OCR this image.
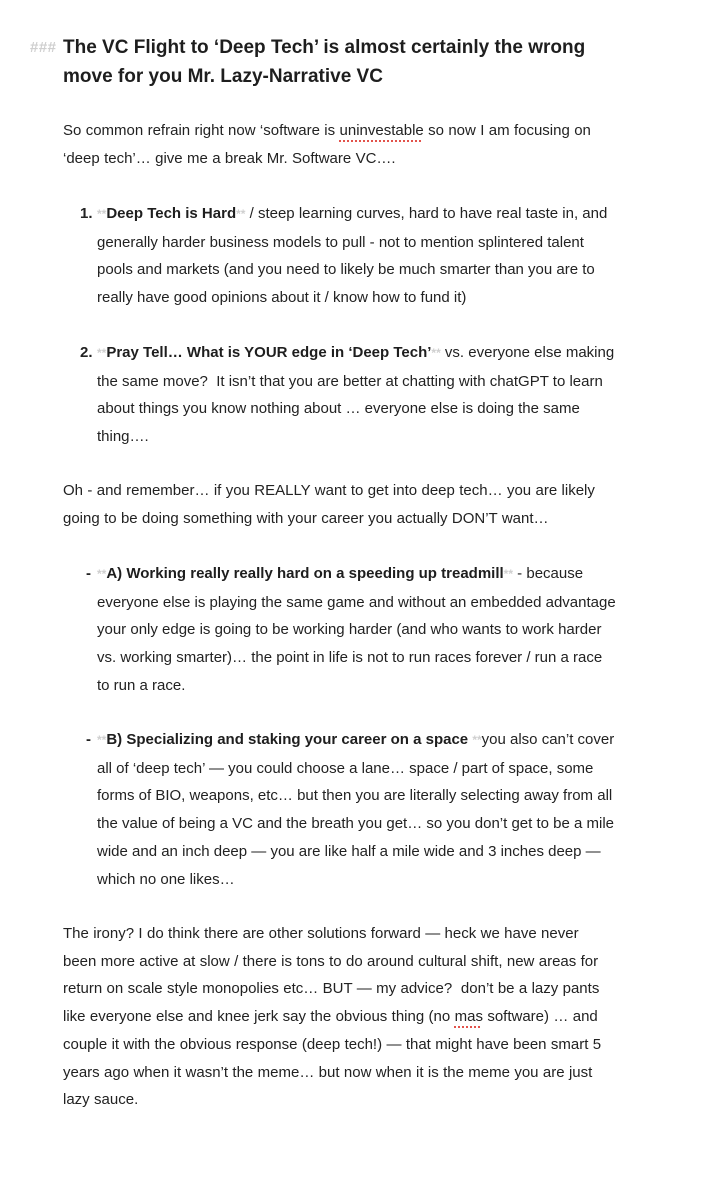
### The VC Flight to ‘Deep Tech’ is almost certainly the wrong move for you Mr. Lazy-Narrative VC

So common refrain right now ‘software is uninvestable so now I am focusing on ‘deep tech’… give me a break Mr. Software VC….

1. **Deep Tech is Hard** / steep learning curves, hard to have real taste in, and generally harder business models to pull - not to mention splintered talent pools and markets (and you need to likely be much smarter than you are to really have good opinions about it / know how to fund it)

2. **Pray Tell… What is YOUR edge in ‘Deep Tech’** vs. everyone else making the same move?  It isn’t that you are better at chatting with chatGPT to learn about things you know nothing about … everyone else is doing the same thing….

Oh - and remember… if you REALLY want to get into deep tech… you are likely going to be doing something with your career you actually DON’T want…

- **A) Working really really hard on a speeding up treadmill** - because everyone else is playing the same game and without an embedded advantage your only edge is going to be working harder (and who wants to work harder vs. working smarter)… the point in life is not to run races forever / run a race to run a race.

- **B) Specializing and staking your career on a space **you also can’t cover all of ‘deep tech’ — you could choose a lane… space / part of space, some forms of BIO, weapons, etc… but then you are literally selecting away from all the value of being a VC and the breath you get… so you don’t get to be a mile wide and an inch deep — you are like half a mile wide and 3 inches deep — which no one likes…

The irony? I do think there are other solutions forward — heck we have never been more active at slow / there is tons to do around cultural shift, new areas for return on scale style monopolies etc… BUT — my advice?  don’t be a lazy pants like everyone else and knee jerk say the obvious thing (no mas software) … and couple it with the obvious response (deep tech!) — that might have been smart 5 years ago when it wasn’t the meme… but now when it is the meme you are just lazy sauce.
